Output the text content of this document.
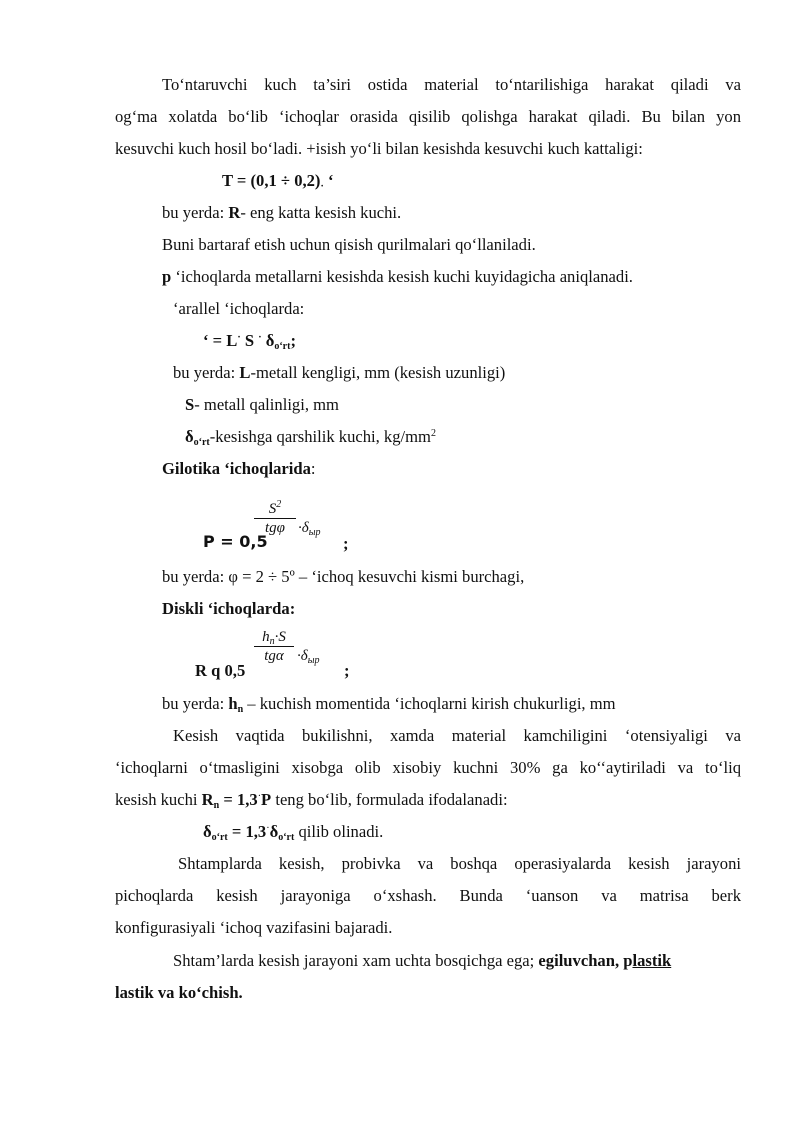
To‘ntaruvchi kuch ta’siri ostida material to‘ntarilishiga harakat qiladi va
og‘ma xolatda bo‘lib ‘ichoqlar orasida qisilib qolishga harakat qiladi. Bu bilan yon
kesuvchi kuch hosil bo‘ladi. +isish yo‘li bilan kesishda kesuvchi kuch kattaligi:
$T = (0,1 \div 0,2)_\cdot$ ‘
bu yerda: R- eng katta kesish kuchi.
Buni bartaraf etish uchun qisish qurilmalari qo‘llaniladi.
p ‘ichoqlarda metallarni kesishda kesish kuchi kuyidagicha aniqlanadi.
‘arallel ‘ichoqlarda:
‘ = L· S · $\delta_{o‘rt}$;
bu yerda: L-metall kengligi, mm (kesish uzunligi)
S- metall qalinligi, mm
$\delta_{o‘rt}$-kesishga qarshilik kuchi, $kg/mm^2$
Gilotika ‘ichoqlarida:
P = 0,5
$S^2$
$tg\varphi \cdot\delta_{ыр}$
;
bu yerda: φ = 2 ÷ 5º – ‘ichoq kesuvchi kismi burchagi,
Diskli ‘ichoqlarda:
R q 0,5
$h_n\cdot S$
$tg\alpha \cdot\delta_{ыр}$
;
bu yerda: $h_n$ – kuchish momentida ‘ichoqlarni kirish chukurligi, mm
Kesish vaqtida bukilishni, xamda material kamchiligini ‘otensiyaligi va
‘ichoqlarni o‘tmasligini xisobga olib xisobiy kuchni 30% ga ko‘‘aytiriladi va to‘liq
kesish kuchi $R_n = 1,3^\cdot P$ teng bo‘lib, formulada ifodalanadi:
$\delta_{o‘rt} = 1,3^\cdot\delta_{o‘rt}$ qilib olinadi.
Shtamplarda kesish, probivka va boshqa operasiyalarda kesish jarayoni
pichoqlarda kesish jarayoniga o‘xshash. Bunda ‘uanson va matrisa berk
konfigurasiyali ‘ichoq vazifasini bajaradi.
Shtam’larda kesish jarayoni xam uchta bosqichga ega; egiluvchan, plastik
lastik va ko‘chish.
